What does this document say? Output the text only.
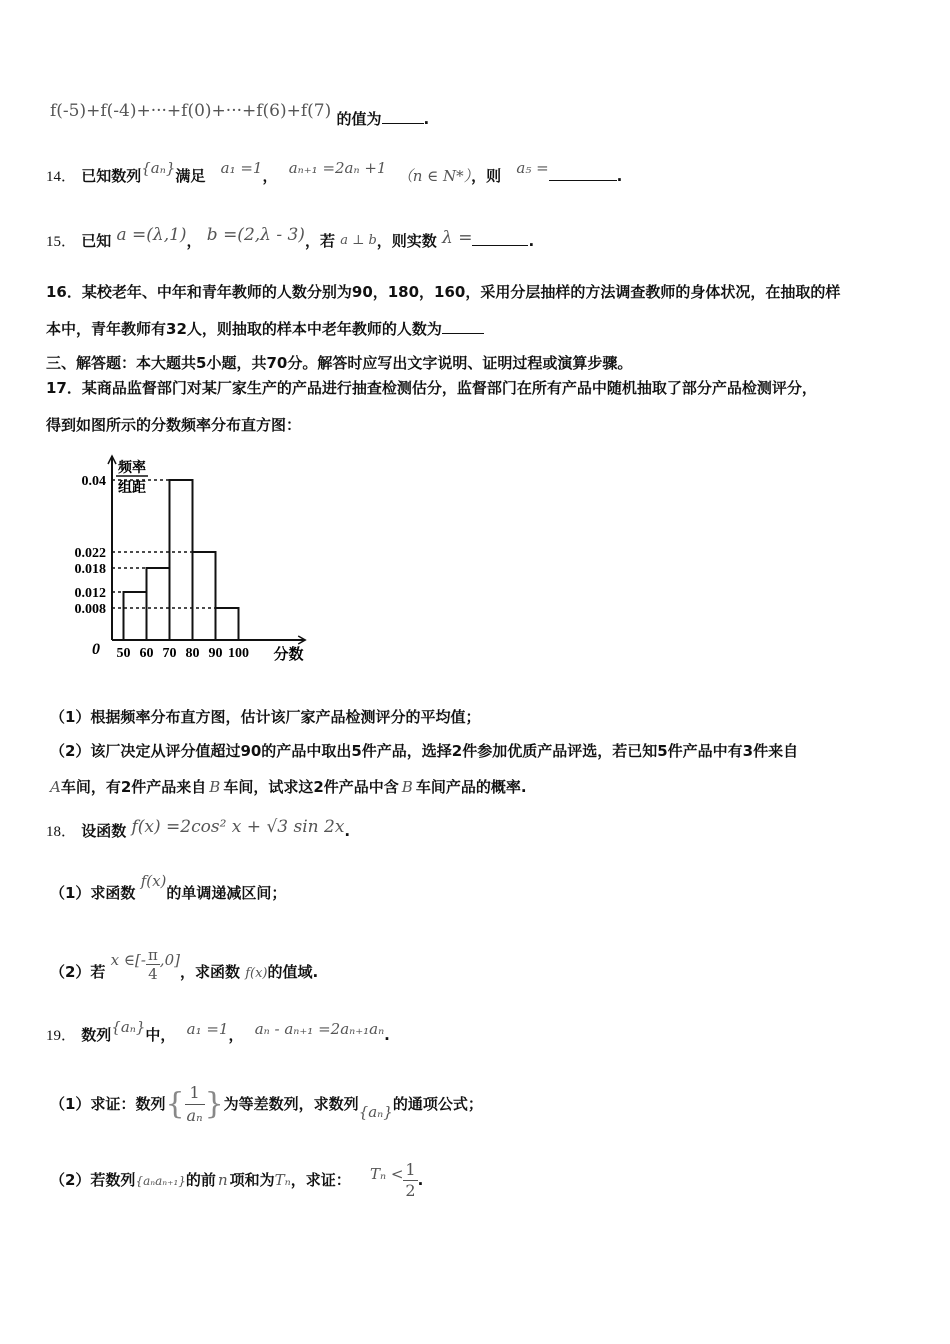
f(-5)+f(-4)+···+f(0)+···+f(6)+f(7) 的值为	.
14． 已知数列{aₙ}满足 a₁ =1， aₙ₊₁ =2aₙ +1 （n ∈ N*），则 a₅ =	.
15． 已知 a =(λ,1)， b =(2,λ - 3)，若 a ⊥ b，则实数 λ =	.
16．某校老年、中年和青年教师的人数分别为90，180，160，采用分层抽样的方法调查教师的身体状况，在抽取的样
本中，青年教师有32人，则抽取的样本中老年教师的人数为
三、解答题：本大题共5小题，共70分。解答时应写出文字说明、证明过程或演算步骤。
17．某商品监督部门对某厂家生产的产品进行抽查检测估分，监督部门在所有产品中随机抽取了部分产品检测评分，
得到如图所示的分数频率分布直方图：
0.04
0.022
0.018
0.012
0.008
50 60 70 80 90 100
0	分数
频率
组距
（1）根据频率分布直方图，估计该厂家产品检测评分的平均值；
（2）该厂决定从评分值超过90的产品中取出5件产品，选择2件参加优质产品评选，若已知5件产品中有3件来自
A车间，有2件产品来自 B 车间，试求这2件产品中含 B 车间产品的概率.
18． 设函数 f(x) =2cos² x + √3 sin 2x.
（1）求函数 f(x)的单调递减区间；
（2）若 x ∈[- $\frac{\pi}{4} ,0$]，求函数 f(x)的值域.
19． 数列{aₙ}中， a₁ =1， aₙ - aₙ₊₁ =2aₙ₊₁aₙ.
（1）求证：数列{ $\frac{1}{\text{aₙ}}$ }为等差数列，求数列{aₙ}的通项公式；
（2）若数列{aₙaₙ₊₁}的前 n 项和为Tₙ，求证： $T_n < \frac{1}{2}$ .
